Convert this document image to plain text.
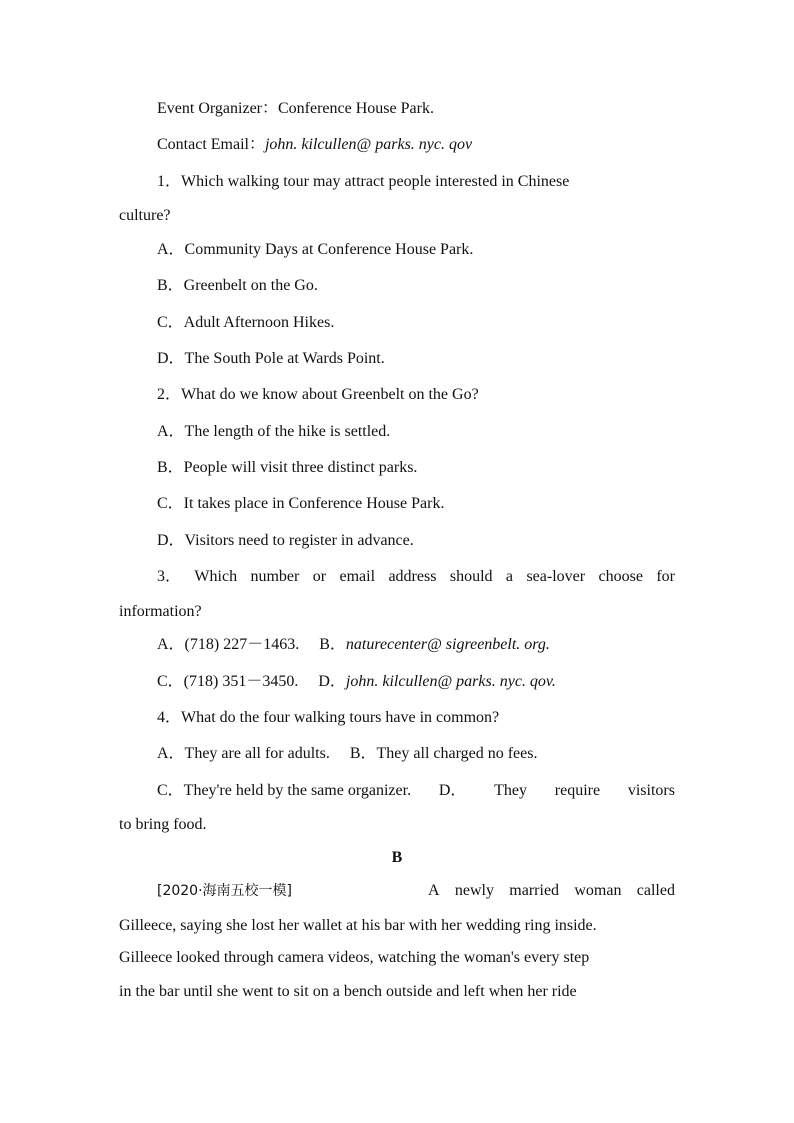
Event Organizer：Conference House Park.
Contact Email：john. kilcullen@ parks. nyc. qov
1．Which walking tour may attract people interested in Chinese
culture?
A．Community Days at Conference House Park.
B．Greenbelt on the Go.
C．Adult Afternoon Hikes.
D．The South Pole at Wards Point.
2．What do we know about Greenbelt on the Go?
A．The length of the hike is settled.
B．People will visit three distinct parks.
C．It takes place in Conference House Park.
D．Visitors need to register in advance.
3． Which number or email address should a sea-lover choose for
information?
A．(718) 227－1463. B．naturecenter@ sigreenbelt. org.
C．(718) 351－3450. D．john. kilcullen@ parks. nyc. qov.
4．What do the four walking tours have in common?
A．They are all for adults. B．They all charged no fees.
C．They're held by the same organizer. D． They require visitors
to bring food.
B
[2020·海南五校一模]	A newly married woman called
Gilleece, saying she lost her wallet at his bar with her wedding ring inside.
Gilleece looked through camera videos, watching the woman's every step
in the bar until she went to sit on a bench outside and left when her ride
